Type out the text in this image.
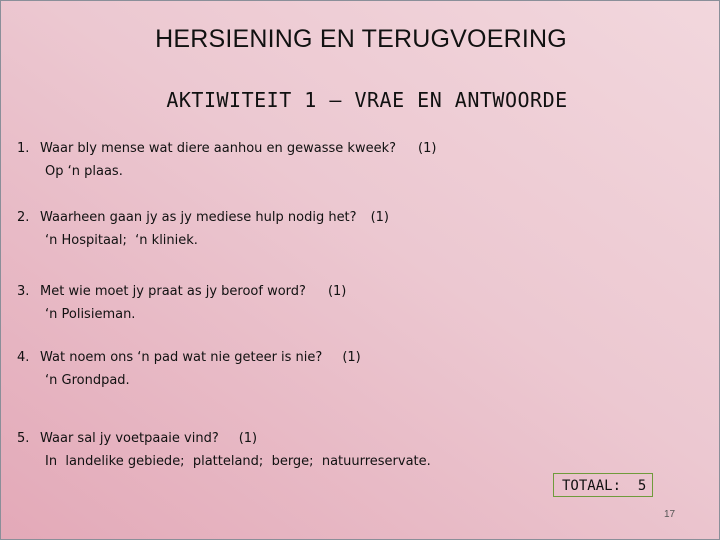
HERSIENING EN TERUGVOERING
AKTIWITEIT 1 – VRAE EN ANTWOORDE
1. Waar bly mense wat diere aanhou en gewasse kweek? (1)
Op ‘n plaas.
2. Waarheen gaan jy as jy mediese hulp nodig het? (1)
‘n Hospitaal;  ‘n kliniek.
3. Met wie moet jy praat as jy beroof word? (1)
‘n Polisieman.
4. Wat noem ons ‘n pad wat nie geteer is nie? (1)
‘n Grondpad.
5. Waar sal jy voetpaaie vind? (1)
In  landelike gebiede;  platteland;  berge;  natuurreservate.
TOTAAL: 5
17
